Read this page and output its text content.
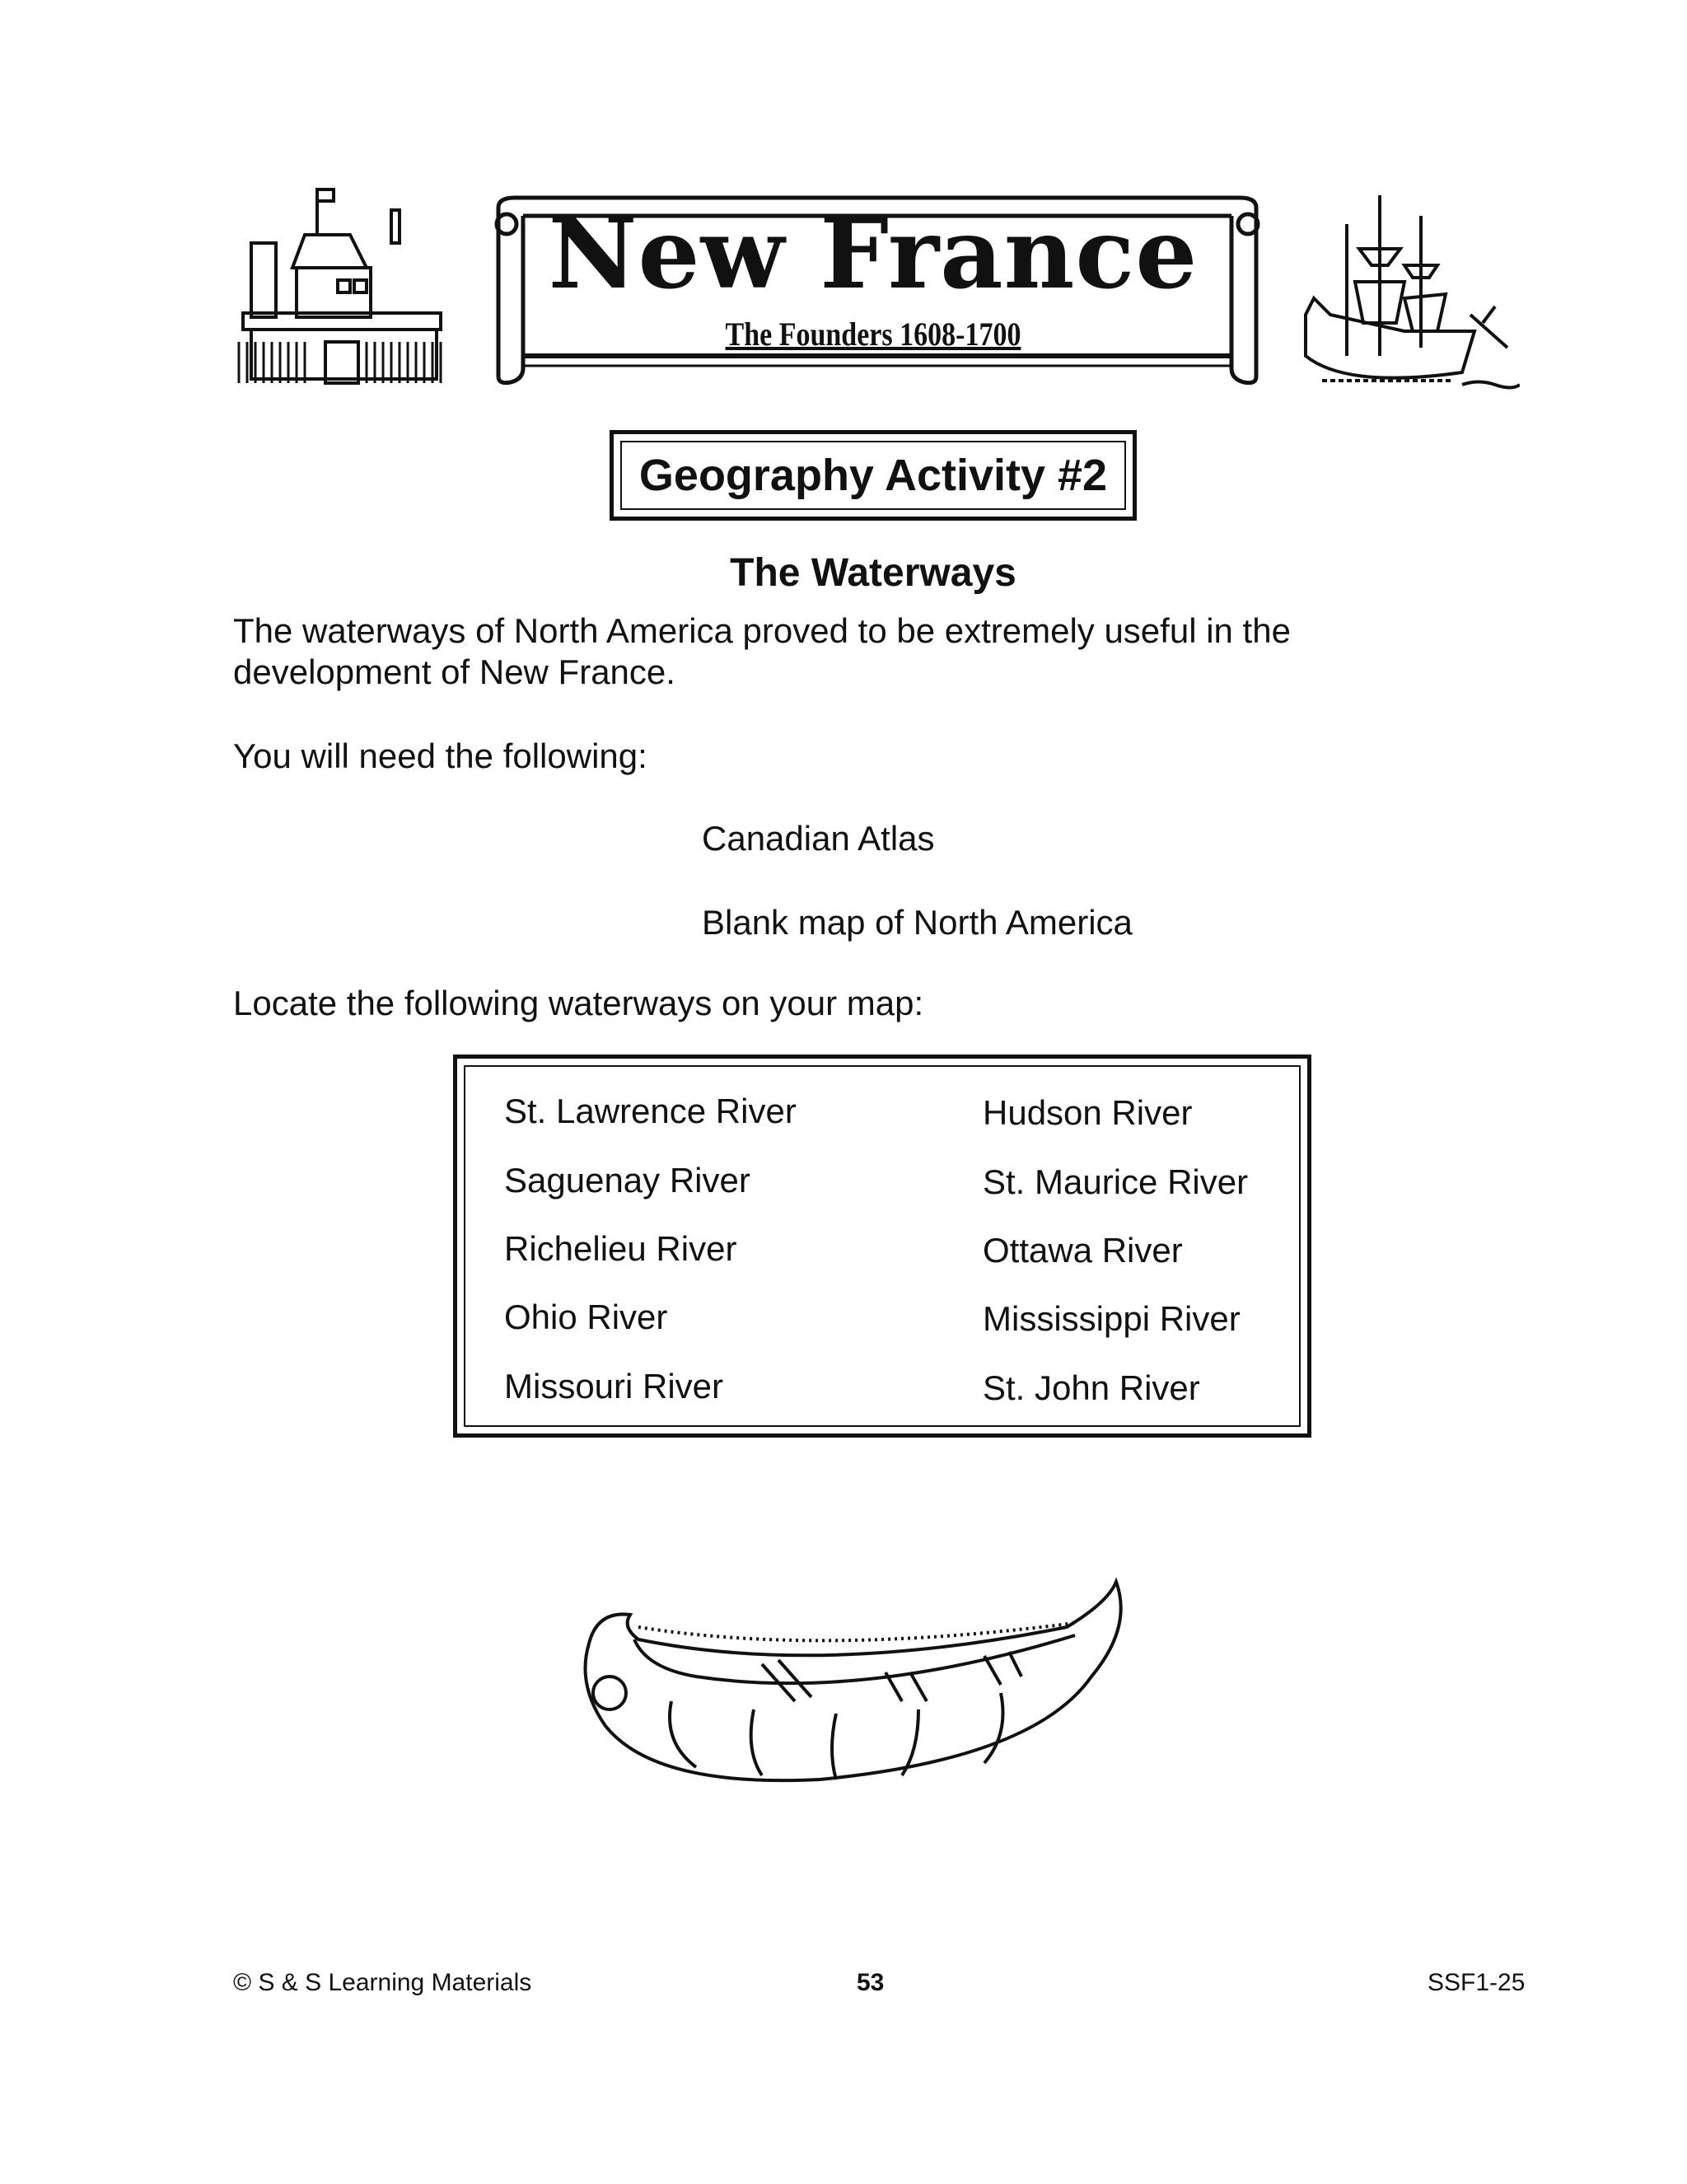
New France
The Founders 1608-1700
Geography Activity #2
The Waterways
The waterways of North America proved to be extremely useful in the
development of New France.
You will need the following:
Canadian Atlas
Blank map of North America
Locate the following waterways on your map:
St. Lawrence River
Saguenay River
Richelieu River
Ohio River
Missouri River
Hudson River
St. Maurice River
Ottawa River
Mississippi River
St. John River
© S & S Learning Materials	53	SSF1-25
